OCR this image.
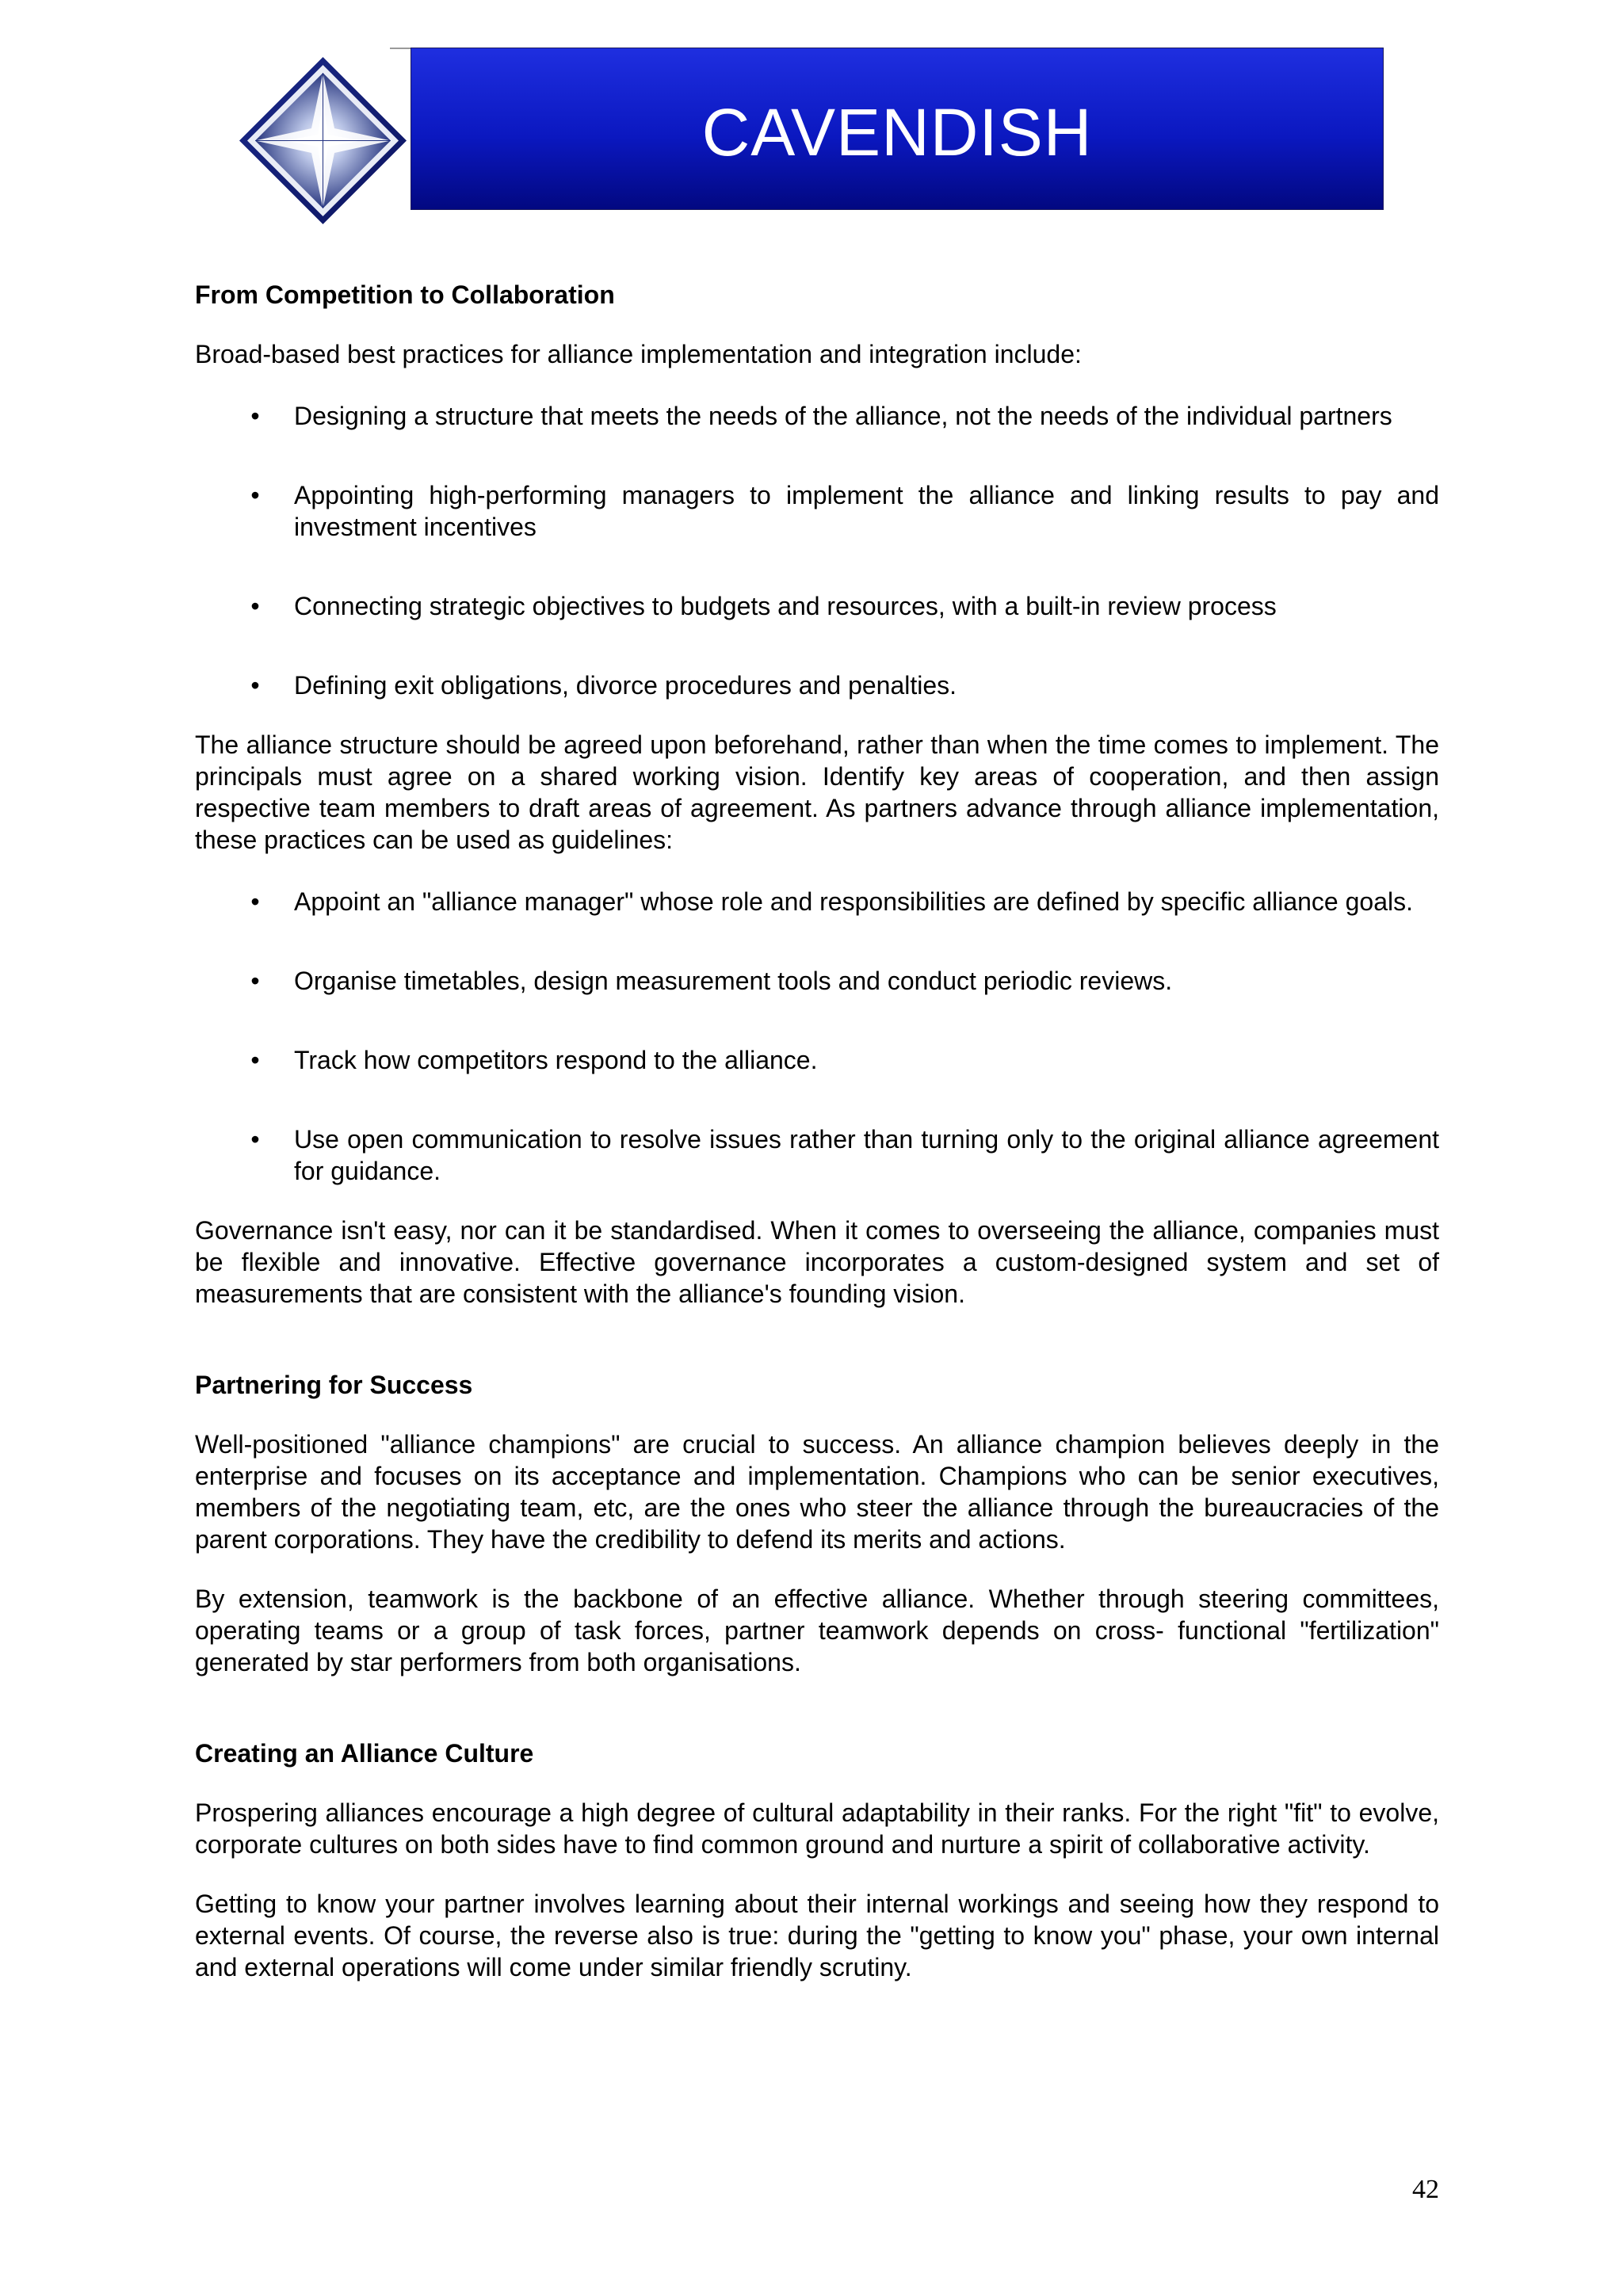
CAVENDISH
From Competition to Collaboration

Broad-based best practices for alliance implementation and integration include:

• Designing a structure that meets the needs of the alliance, not the needs of the individual partners
• Appointing high-performing managers to implement the alliance and linking results to pay and investment incentives
• Connecting strategic objectives to budgets and resources, with a built-in review process
• Defining exit obligations, divorce procedures and penalties.

The alliance structure should be agreed upon beforehand, rather than when the time comes to implement. The principals must agree on a shared working vision. Identify key areas of cooperation, and then assign respective team members to draft areas of agreement. As partners advance through alliance implementation, these practices can be used as guidelines:

• Appoint an "alliance manager" whose role and responsibilities are defined by specific alliance goals.
• Organise timetables, design measurement tools and conduct periodic reviews.
• Track how competitors respond to the alliance.
• Use open communication to resolve issues rather than turning only to the original alliance agreement for guidance.

Governance isn't easy, nor can it be standardised. When it comes to overseeing the alliance, companies must be flexible and innovative. Effective governance incorporates a custom-designed system and set of measurements that are consistent with the alliance's founding vision.

Partnering for Success

Well-positioned "alliance champions" are crucial to success. An alliance champion believes deeply in the enterprise and focuses on its acceptance and implementation. Champions who can be senior executives, members of the negotiating team, etc, are the ones who steer the alliance through the bureaucracies of the parent corporations. They have the credibility to defend its merits and actions.

By extension, teamwork is the backbone of an effective alliance. Whether through steering committees, operating teams or a group of task forces, partner teamwork depends on cross- functional "fertilization" generated by star performers from both organisations.

Creating an Alliance Culture

Prospering alliances encourage a high degree of cultural adaptability in their ranks. For the right "fit" to evolve, corporate cultures on both sides have to find common ground and nurture a spirit of collaborative activity.

Getting to know your partner involves learning about their internal workings and seeing how they respond to external events. Of course, the reverse also is true: during the "getting to know you" phase, your own internal and external operations will come under similar friendly scrutiny.

42
